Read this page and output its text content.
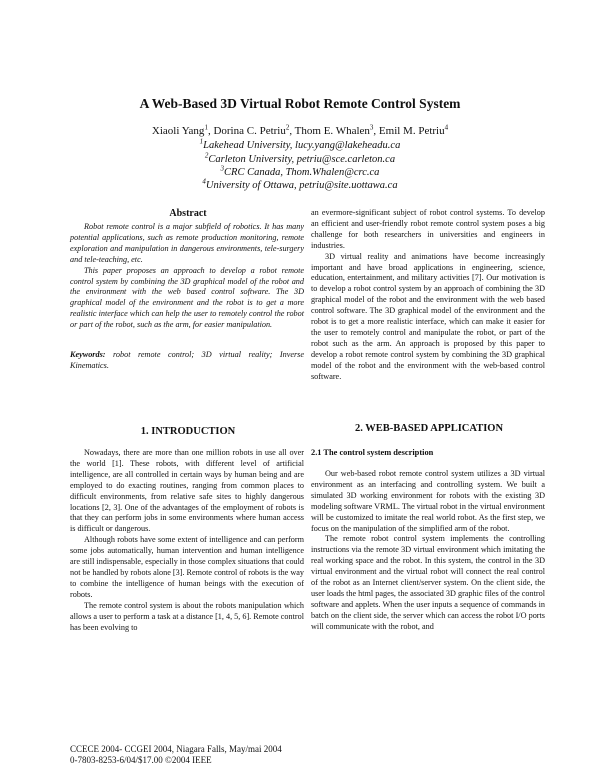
A Web-Based 3D Virtual Robot Remote Control System
Xiaoli Yang$^1$, Dorina C. Petriu$^2$, Thom E. Whalen$^3$, Emil M. Petriu$^4$
$^1$Lakehead University, lucy.yang@lakeheadu.ca
$^2$Carleton University, petriu@sce.carleton.ca
$^3$CRC Canada, Thom.Whalen@crc.ca
$^4$University of Ottawa, petriu@site.uottawa.ca
Abstract

Robot remote control is a major subfield of robotics. It has many potential applications, such as remote production monitoring, remote exploration and manipulation in dangerous environments, tele-surgery and tele-teaching, etc.

This paper proposes an approach to develop a robot remote control system by combining the 3D graphical model of the robot and the environment with the web based control software. The 3D graphical model of the environment and the robot is to get a more realistic interface which can help the user to remotely control the robot or part of the robot, such as the arm, for easier manipulation.

Keywords: robot remote control; 3D virtual reality; Inverse Kinematics.
1. INTRODUCTION

Nowadays, there are more than one million robots in use all over the world [1]. These robots, with different level of artificial intelligence, are all controlled in certain ways by human being and are employed to do exacting routines, ranging from common places to difficult environments, from relative safe sites to highly dangerous locations [2, 3]. One of the advantages of the employment of robots is that they can perform jobs in some environments where human access is difficult or dangerous.

Although robots have some extent of intelligence and can perform some jobs automatically, human intervention and human intelligence are still indispensable, especially in those complex situations that could not be handled by robots alone [3]. Remote control of robots is the way to combine the intelligence of human beings with the execution of robots.

The remote control system is about the robots manipulation which allows a user to perform a task at a distance [1, 4, 5, 6]. Remote control has been evolving to

an evermore-significant subject of robot control systems. To develop an efficient and user-friendly robot remote control system poses a big challenge for both researchers in universities and engineers in industries.

3D virtual reality and animations have become increasingly important and have broad applications in engineering, science, education, entertainment, and military activities [7]. Our motivation is to develop a robot control system by an approach of combining the 3D graphical model of the robot and the environment with the web based control software. The 3D graphical model of the environment and the robot is to get a more realistic interface, which can make it easier for the user to remotely control and manipulate the robot, or part of the robot such as the arm. An approach is proposed by this paper to develop a robot remote control system by combining the 3D graphical model of the robot and the environment with the web-based control software.

2. WEB-BASED APPLICATION
2.1 The control system description

Our web-based robot remote control system utilizes a 3D virtual environment as an interfacing and controlling system. We built a simulated 3D working environment for robots with the existing 3D modeling software VRML. The virtual robot in the virtual environment will be customized to imitate the real world robot. As the first step, we focus on the manipulation of the simplified arm of the robot.

The remote robot control system implements the controlling instructions via the remote 3D virtual environment which imitating the real working space and the robot. In this system, the control in the 3D virtual environment and the virtual robot will connect the real control of the robot as an Internet client/server system. On the client side, the user loads the html pages, the associated 3D graphic files of the control software and applets. When the user inputs a sequence of commands in batch on the client side, the server which can access the robot I/O ports will communicate with the robot, and

CCECE 2004- CCGEI 2004, Niagara Falls, May/mai 2004
0-7803-8253-6/04/$17.00 ©2004 IEEE
